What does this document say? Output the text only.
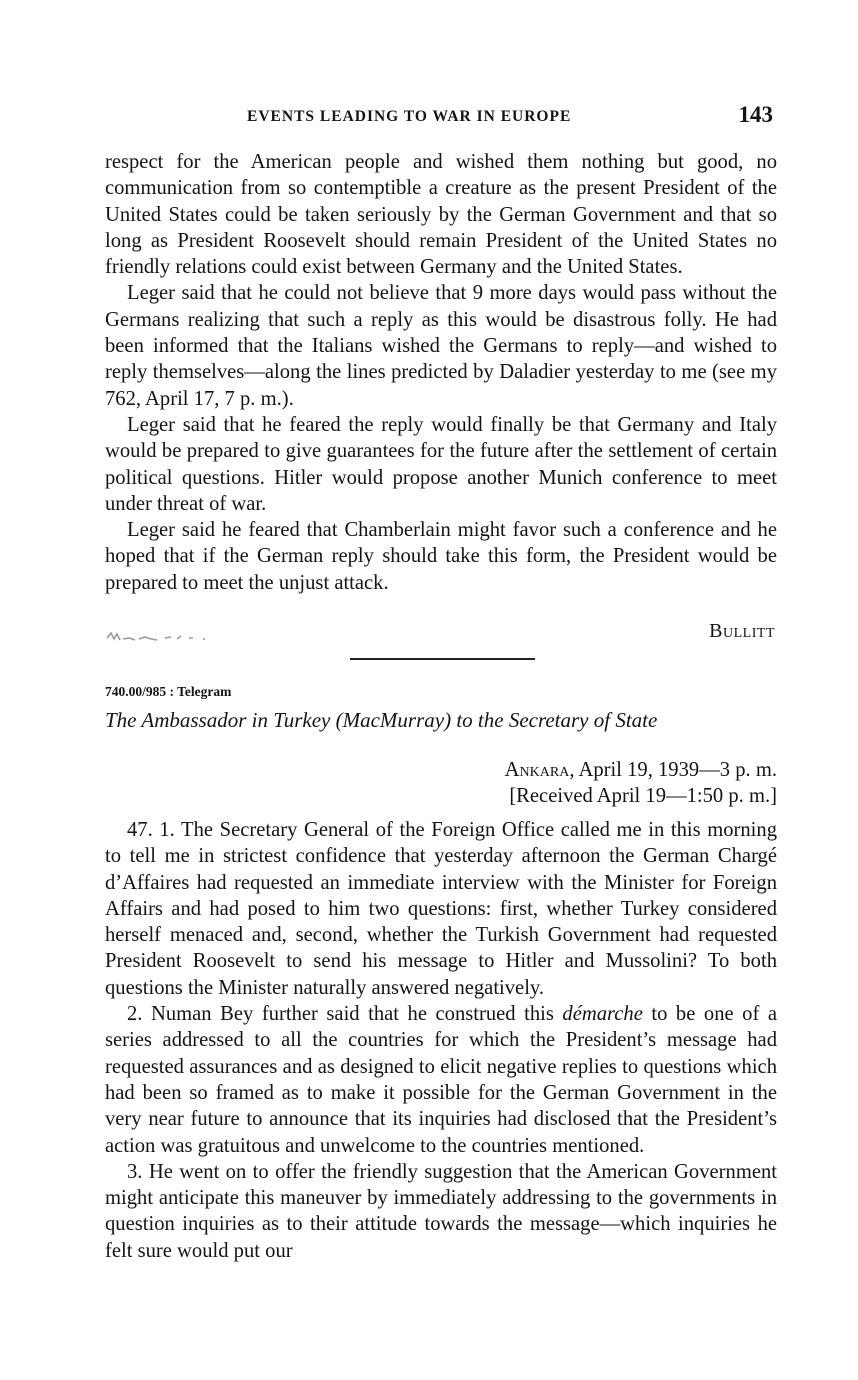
EVENTS LEADING TO WAR IN EUROPE	143

respect for the American people and wished them nothing but good, no communication from so contemptible a creature as the present President of the United States could be taken seriously by the German Government and that so long as President Roosevelt should remain President of the United States no friendly relations could exist between Germany and the United States.

Leger said that he could not believe that 9 more days would pass without the Germans realizing that such a reply as this would be disastrous folly. He had been informed that the Italians wished the Germans to reply—and wished to reply themselves—along the lines predicted by Daladier yesterday to me (see my 762, April 17, 7 p. m.).

Leger said that he feared the reply would finally be that Germany and Italy would be prepared to give guarantees for the future after the settlement of certain political questions. Hitler would propose another Munich conference to meet under threat of war.

Leger said he feared that Chamberlain might favor such a conference and he hoped that if the German reply should take this form, the President would be prepared to meet the unjust attack.

Bullitt
740.00/985 : Telegram
The Ambassador in Turkey (MacMurray) to the Secretary of State
Ankara, April 19, 1939—3 p. m.
[Received April 19—1:50 p. m.]

47. 1. The Secretary General of the Foreign Office called me in this morning to tell me in strictest confidence that yesterday afternoon the German Chargé d’Affaires had requested an immediate interview with the Minister for Foreign Affairs and had posed to him two questions: first, whether Turkey considered herself menaced and, second, whether the Turkish Government had requested President Roosevelt to send his message to Hitler and Mussolini? To both questions the Minister naturally answered negatively.

2. Numan Bey further said that he construed this démarche to be one of a series addressed to all the countries for which the President’s message had requested assurances and as designed to elicit negative replies to questions which had been so framed as to make it possible for the German Government in the very near future to announce that its inquiries had disclosed that the President’s action was gratuitous and unwelcome to the countries mentioned.

3. He went on to offer the friendly suggestion that the American Government might anticipate this maneuver by immediately addressing to the governments in question inquiries as to their attitude towards the message—which inquiries he felt sure would put our
